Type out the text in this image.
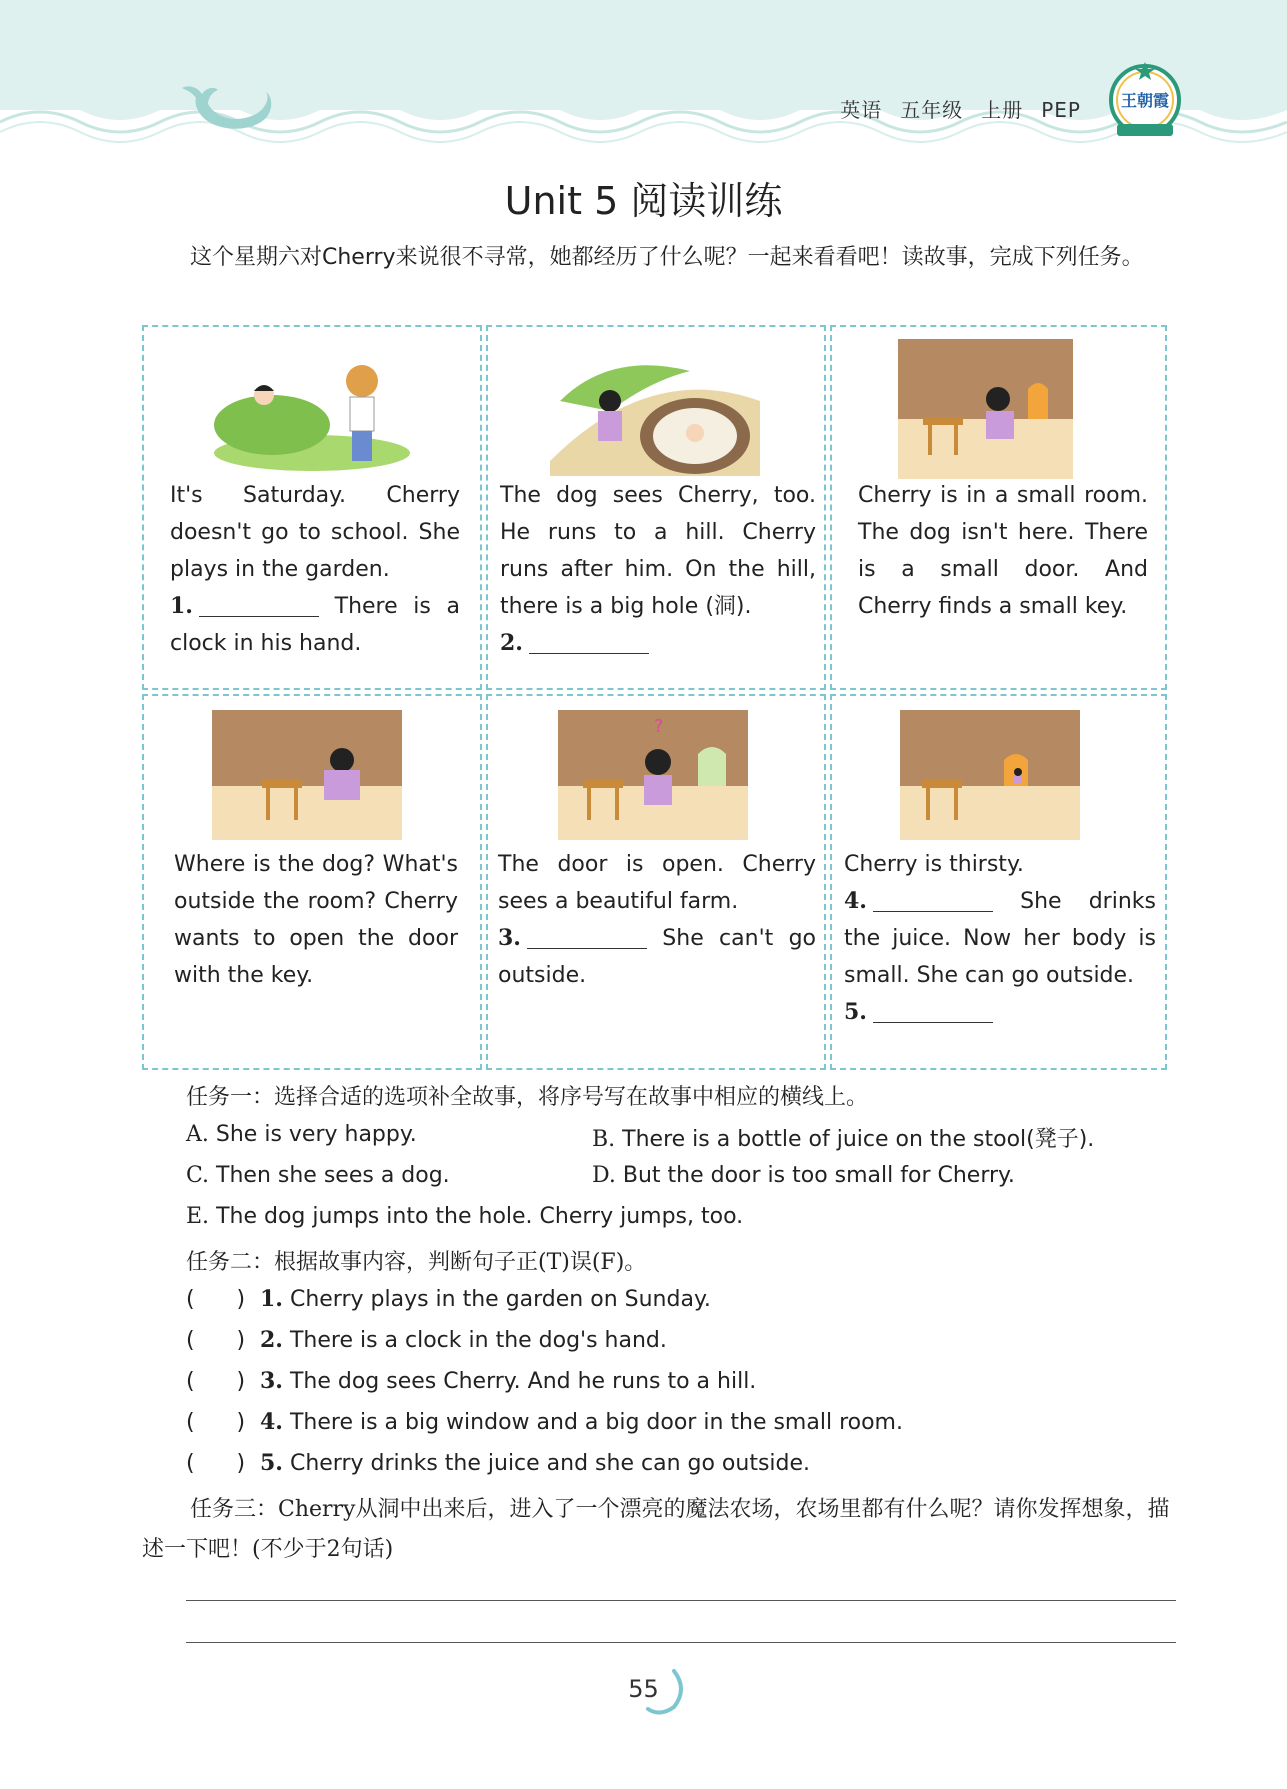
英语 五年级 上册 PEP	王朝霞
Unit 5 阅读训练
这个星期六对Cherry来说很不寻常，她都经历了什么呢？一起来看看吧！读故事，完成下列任务。
It's Saturday. Cherry doesn't go to school. She plays in the garden.
1.	There is a clock in his hand.
The dog sees Cherry, too. He runs to a hill. Cherry runs after him. On the hill, there is a big hole (洞).
2.
Cherry is in a small room. The dog isn't here. There is a small door. And Cherry finds a small key.
Where is the dog? What's outside the room? Cherry wants to open the door with the key.
?
The door is open. Cherry sees a beautiful farm.
3.	She can't go outside.
Cherry is thirsty.
4.	She drinks the juice. Now her body is small. She can go outside.
5.
任务一：选择合适的选项补全故事，将序号写在故事中相应的横线上。
A. She is very happy.	B. There is a bottle of juice on the stool(凳子).
C. Then she sees a dog.	D. But the door is too small for Cherry.
E. The dog jumps into the hole. Cherry jumps, too.
任务二：根据故事内容，判断句子正(T)误(F)。
(      ) 1. Cherry plays in the garden on Sunday.
(      ) 2. There is a clock in the dog's hand.
(      ) 3. The dog sees Cherry. And he runs to a hill.
(      ) 4. There is a big window and a big door in the small room.
(      ) 5. Cherry drinks the juice and she can go outside.
任务三：Cherry从洞中出来后，进入了一个漂亮的魔法农场，农场里都有什么呢？请你发挥想象，描述一下吧！(不少于2句话)
55
